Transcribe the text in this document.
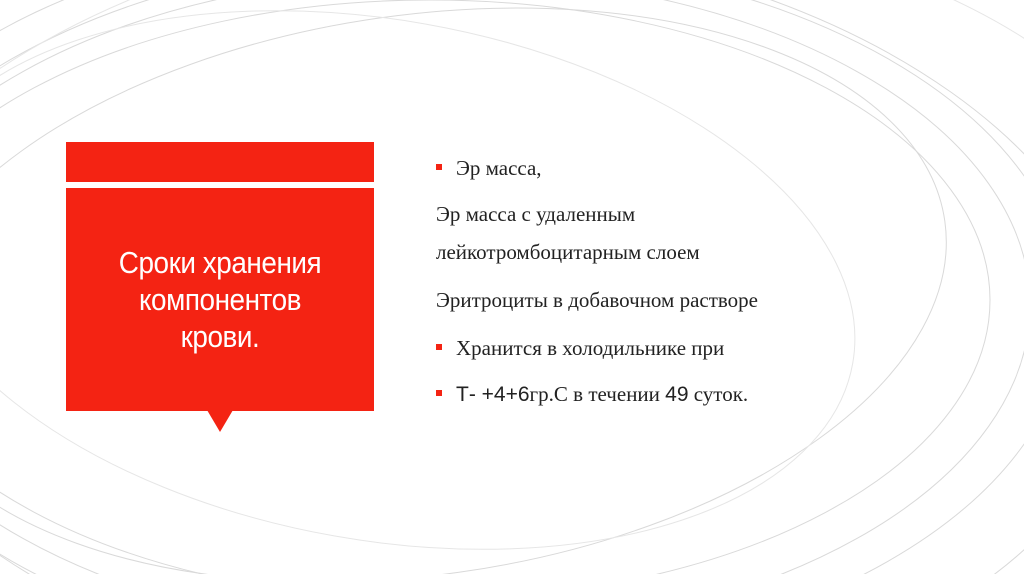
Сроки хранения компонентов крови.
Эр масса,
Эр масса с удаленным
лейкотромбоцитарным слоем
Эритроциты в добавочном растворе
Хранится в холодильнике при
Т- +4+6гр.С в течении 49 суток.
